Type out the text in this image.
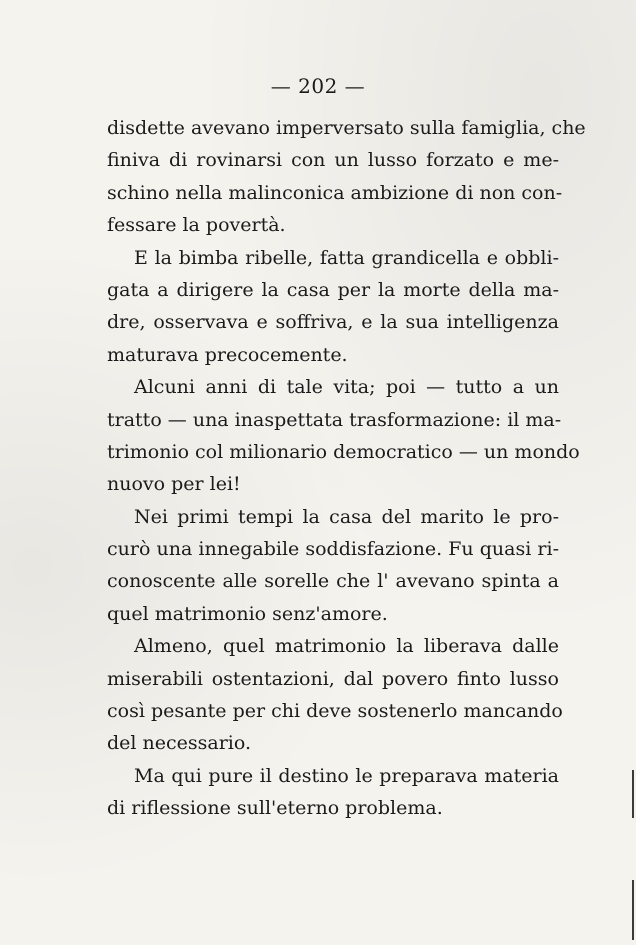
— 202 —
disdette avevano imperversato sulla famiglia, che
finiva di rovinarsi con un lusso forzato e me-
schino nella malinconica ambizione di non con-
fessare la povertà.
E la bimba ribelle, fatta grandicella e obbli-
gata a dirigere la casa per la morte della ma-
dre, osservava e soffriva, e la sua intelligenza
maturava precocemente.
Alcuni anni di tale vita; poi — tutto a un
tratto — una inaspettata trasformazione: il ma-
trimonio col milionario democratico — un mondo
nuovo per lei!
Nei primi tempi la casa del marito le pro-
curò una innegabile soddisfazione. Fu quasi ri-
conoscente alle sorelle che l' avevano spinta a
quel matrimonio senz'amore.
Almeno, quel matrimonio la liberava dalle
miserabili ostentazioni, dal povero finto lusso
così pesante per chi deve sostenerlo mancando
del necessario.
Ma qui pure il destino le preparava materia
di riflessione sull'eterno problema.
